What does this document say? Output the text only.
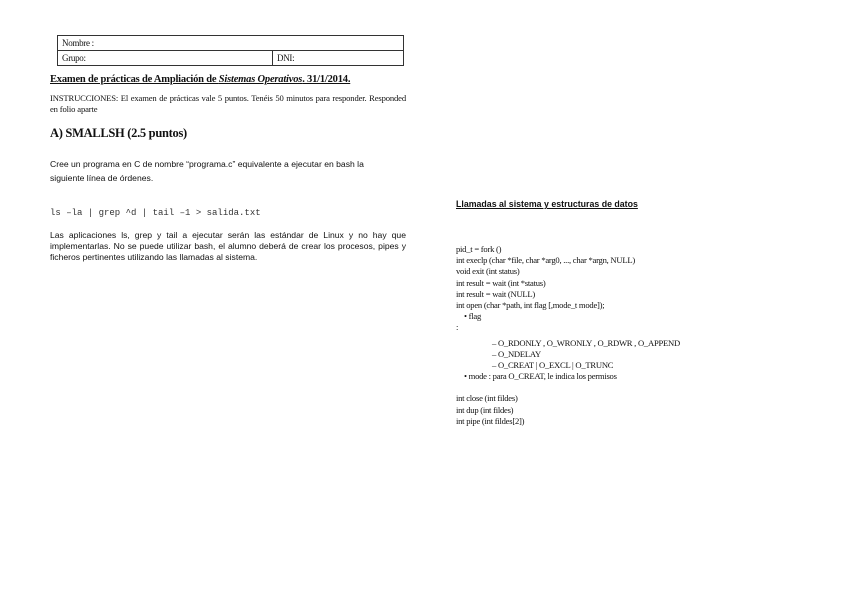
Nombre :
Grupo:	DNI:
Examen de prácticas de Ampliación de Sistemas Operativos. 31/1/2014.
INSTRUCCIONES: El examen de prácticas vale 5 puntos. Tenéis 50 minutos para responder. Responded en folio aparte
A) SMALLSH (2.5 puntos)
Cree un programa en C de nombre “programa.c” equivalente a ejecutar en bash la siguiente línea de órdenes.
ls –la | grep ^d | tail –1 > salida.txt
Las aplicaciones ls, grep y tail a ejecutar serán las estándar de Linux y no hay que implementarlas. No se puede utilizar bash, el alumno deberá de crear los procesos, pipes y ficheros pertinentes utilizando las llamadas al sistema.
Llamadas al sistema y estructuras de datos
pid_t = fork ()
int execlp (char *file, char *arg0, ..., char *argn, NULL)
void exit (int status)
int result = wait (int *status)
int result = wait (NULL)
int open (char *path, int flag [,mode_t mode]);
• flag
:
– O_RDONLY , O_WRONLY , O_RDWR , O_APPEND
– O_NDELAY
– O_CREAT | O_EXCL | O_TRUNC
• mode : para O_CREAT, le indica los permisos
int close (int fildes)
int dup (int fildes)
int pipe (int fildes[2])
